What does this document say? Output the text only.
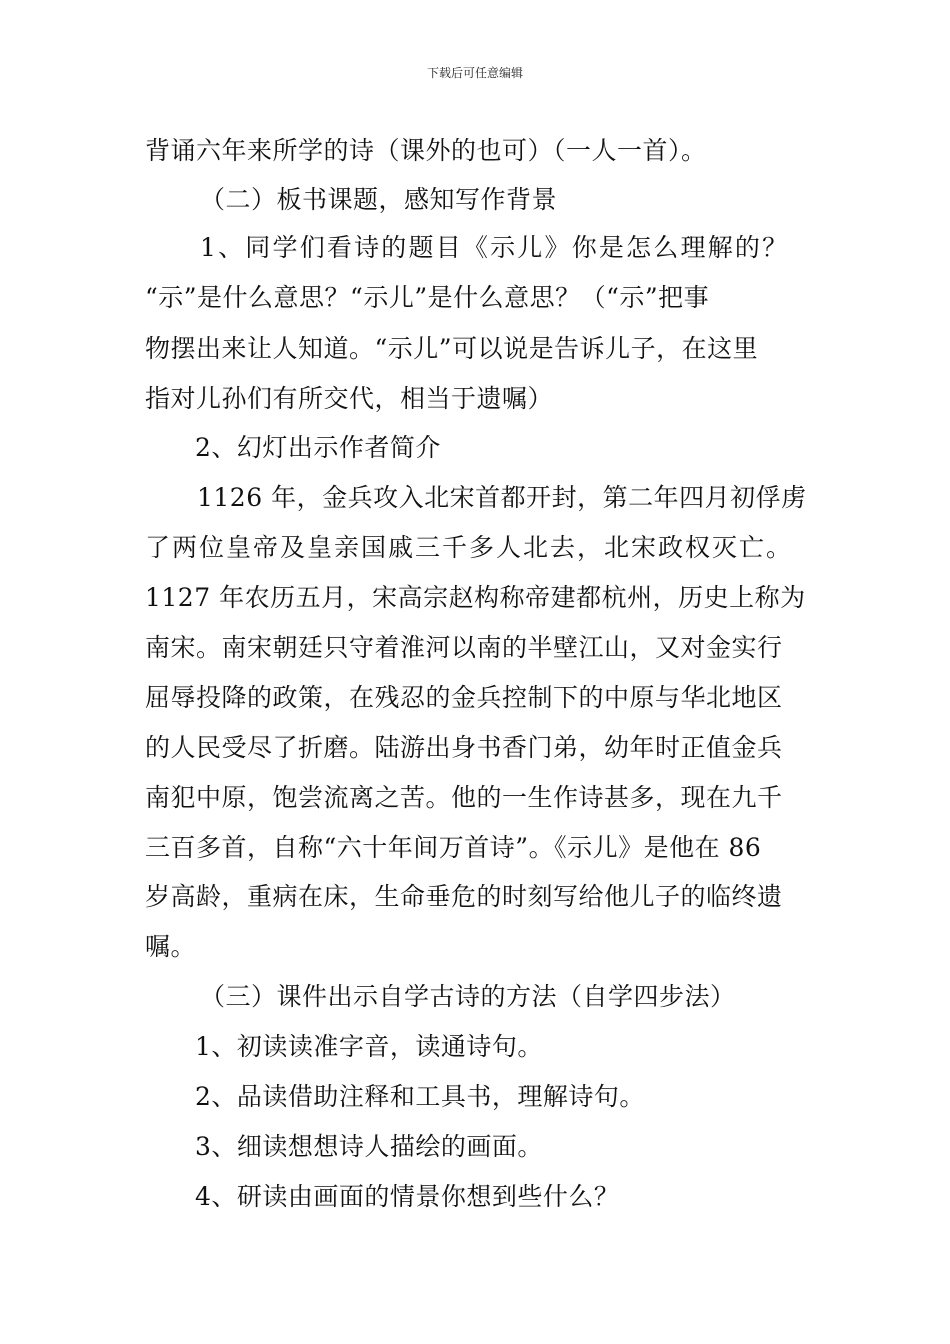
下载后可任意编辑
背诵六年来所学的诗（课外的也可）（一人一首）。
（二）板书课题，感知写作背景
1、同学们看诗的题目《示儿》你是怎么理解的？
“示”是什么意思？“示儿”是什么意思？（“示”把事
物摆出来让人知道。“示儿”可以说是告诉儿子，在这里
指对儿孙们有所交代，相当于遗嘱）
2、幻灯出示作者简介
1126 年，金兵攻入北宋首都开封，第二年四月初俘虏
了两位皇帝及皇亲国戚三千多人北去，北宋政权灭亡。
1127 年农历五月，宋高宗赵构称帝建都杭州，历史上称为
南宋。南宋朝廷只守着淮河以南的半壁江山，又对金实行
屈辱投降的政策，在残忍的金兵控制下的中原与华北地区
的人民受尽了折磨。陆游出身书香门弟，幼年时正值金兵
南犯中原，饱尝流离之苦。他的一生作诗甚多，现在九千
三百多首，自称“六十年间万首诗”。《示儿》是他在 86
岁高龄，重病在床，生命垂危的时刻写给他儿子的临终遗
嘱。
（三）课件出示自学古诗的方法（自学四步法）
1、初读读准字音，读通诗句。
2、品读借助注释和工具书，理解诗句。
3、细读想想诗人描绘的画面。
4、研读由画面的情景你想到些什么？
